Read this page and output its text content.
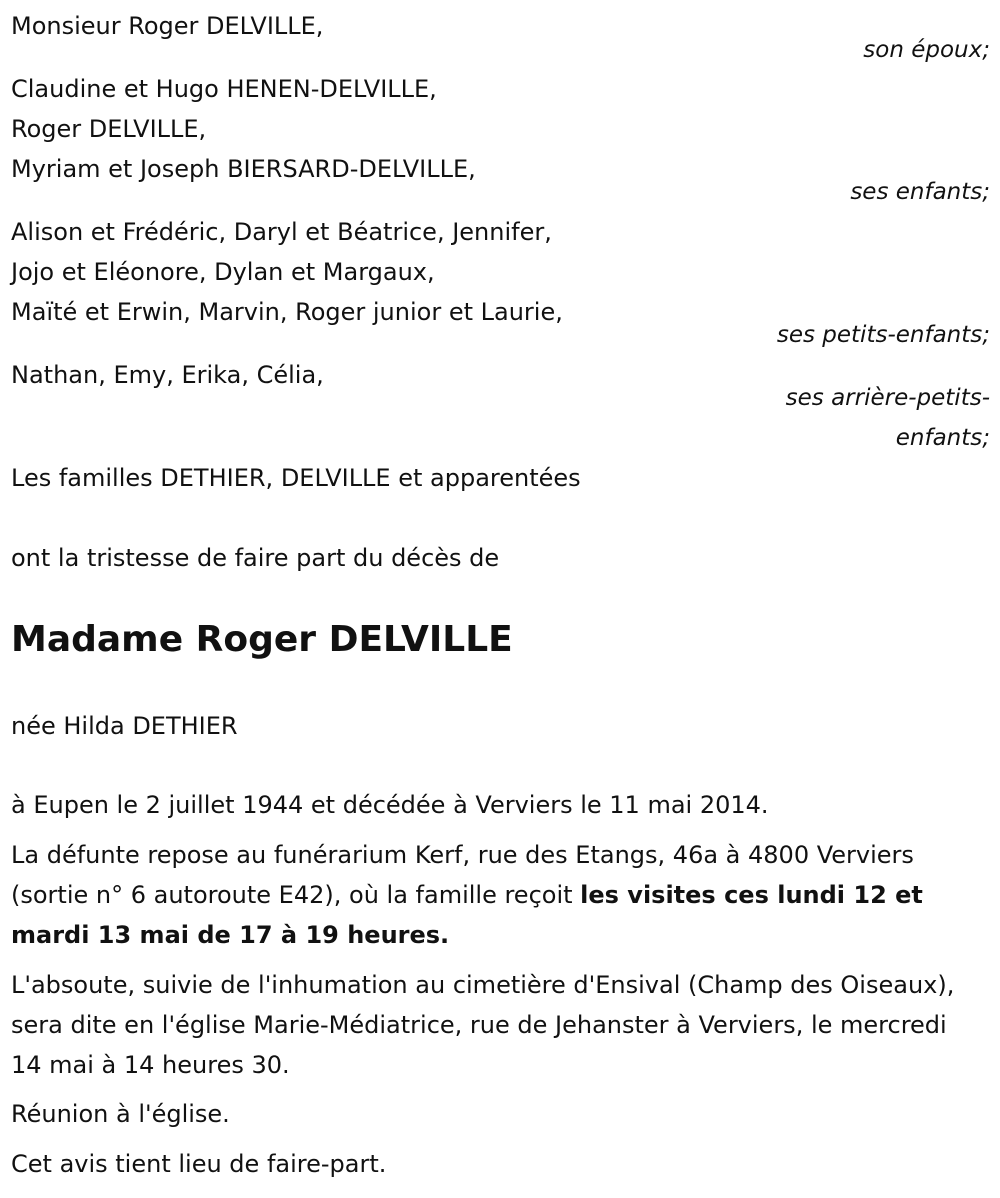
Monsieur Roger DELVILLE,
son époux;
Claudine et Hugo HENEN-DELVILLE,
Roger DELVILLE,
Myriam et Joseph BIERSARD-DELVILLE,
ses enfants;
Alison et Frédéric, Daryl et Béatrice, Jennifer,
Jojo et Eléonore, Dylan et Margaux,
Maïté et Erwin, Marvin, Roger junior et Laurie,
ses petits-enfants;
Nathan, Emy, Erika, Célia,
ses arrière-petits-
enfants;
Les familles DETHIER, DELVILLE et apparentées
ont la tristesse de faire part du décès de
Madame Roger DELVILLE
née Hilda DETHIER
à Eupen le 2 juillet 1944 et décédée à Verviers le 11 mai 2014.
La défunte repose au funérarium Kerf, rue des Etangs, 46a à 4800 Verviers (sortie n° 6 autoroute E42), où la famille reçoit les visites ces lundi 12 et mardi 13 mai de 17 à 19 heures.
L'absoute, suivie de l'inhumation au cimetière d'Ensival (Champ des Oiseaux), sera dite en l'église Marie-Médiatrice, rue de Jehanster à Verviers, le mercredi 14 mai à 14 heures 30.
Réunion à l'église.
Cet avis tient lieu de faire-part.
